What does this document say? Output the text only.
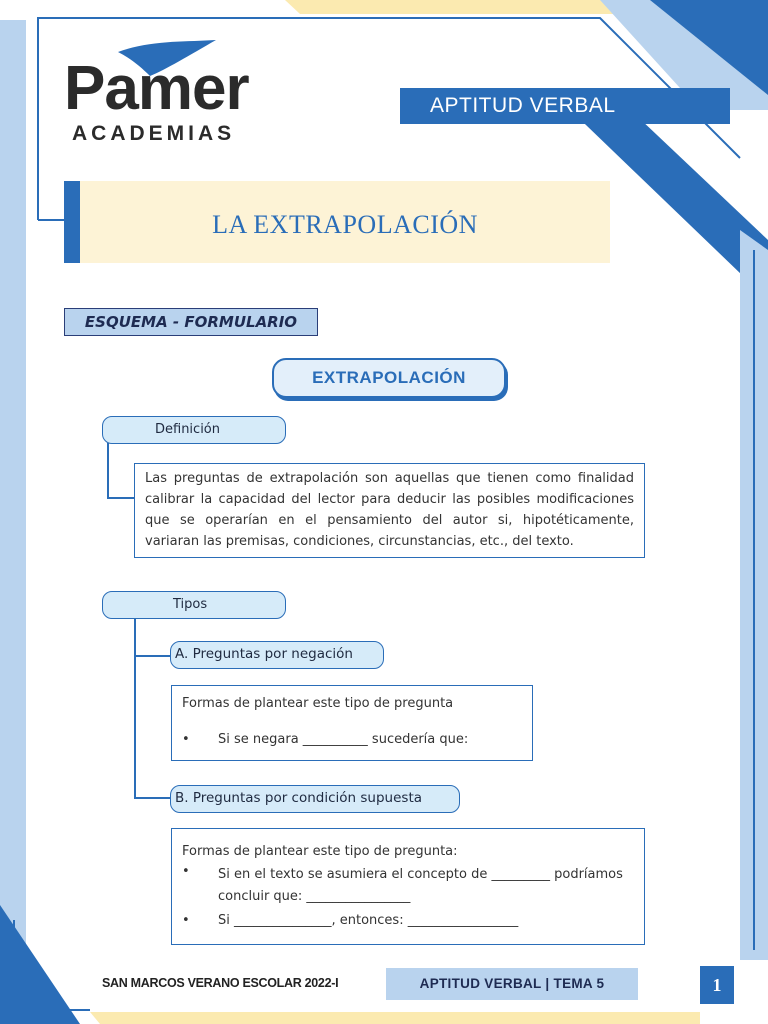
Pamer
ACADEMIAS
APTITUD VERBAL
LA EXTRAPOLACIÓN
ESQUEMA - FORMULARIO
EXTRAPOLACIÓN
Definición
Las preguntas de extrapolación son aquellas que tienen como finalidad calibrar la capacidad del lector para deducir las posibles modificaciones que se operarían en el pensamiento del autor si, hipotéticamente, variaran las premisas, condiciones, circunstancias, etc., del texto.
Tipos
A. Preguntas por negación
Formas de plantear este tipo de pregunta
• Si se negara __________ sucedería que:
B. Preguntas por condición supuesta
Formas de plantear este tipo de pregunta:
• Si en el texto se asumiera el concepto de _________ podríamos concluir que: ________________
• Si _______________, entonces: _________________
SAN MARCOS VERANO ESCOLAR 2022-I	APTITUD VERBAL | TEMA 5	1
